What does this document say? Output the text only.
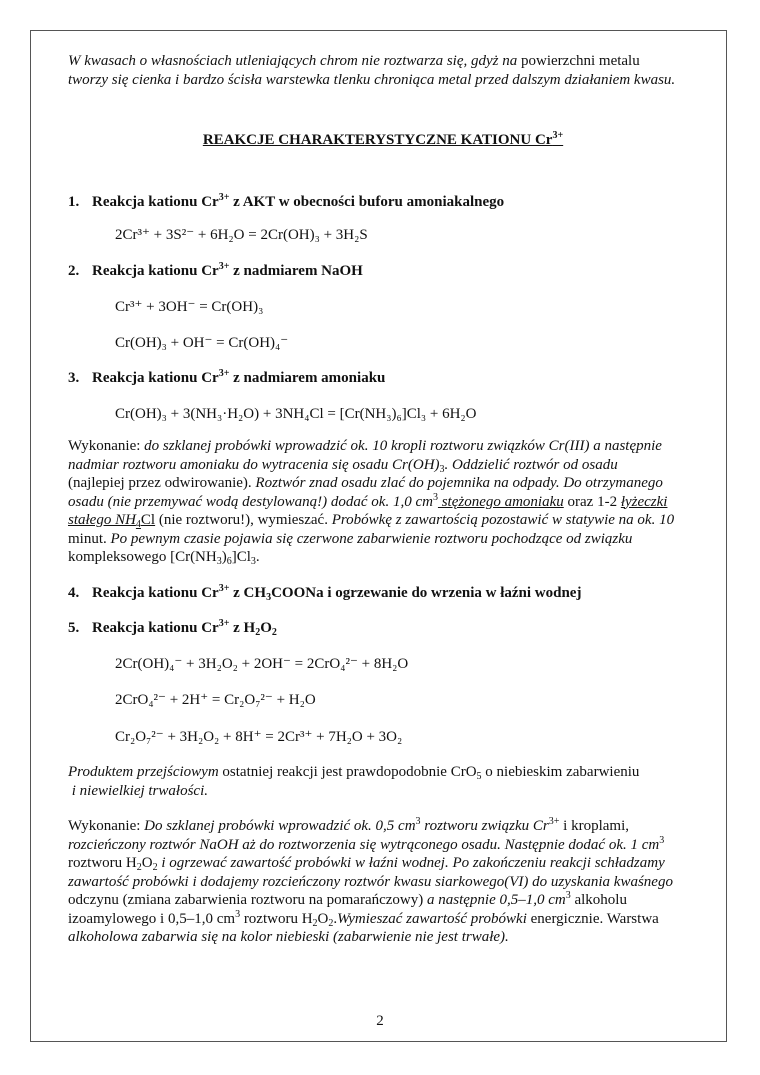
W kwasach o własnościach utleniających chrom nie roztwarza się, gdyż na powierzchni metalu
tworzy się cienka i bardzo ścisła warstewka tlenku chroniąca metal przed dalszym działaniem kwasu.

REAKCJE CHARAKTERYSTYCZNE KATIONU $Cr^{3+}$

1. Reakcja kationu $Cr^{3+}$ z AKT w obecności buforu amoniakalnego

2Cr³⁺ + 3S²⁻ + 6H₂O = 2Cr(OH)₃ + 3H₂S

2. Reakcja kationu $Cr^{3+}$ z nadmiarem NaOH

Cr³⁺ + 3OH⁻ = Cr(OH)₃

Cr(OH)₃ + OH⁻ = Cr(OH)₄⁻

3. Reakcja kationu $Cr^{3+}$ z nadmiarem amoniaku

Cr(OH)₃ + 3(NH₃·H₂O) + 3NH₄Cl = [Cr(NH₃)₆]Cl₃ + 6H₂O

Wykonanie: do szklanej probówki wprowadzić ok. 10 kropli roztworu związków Cr(III) a następnie nadmiar roztworu amoniaku do wytracenia się osadu $Cr(OH)_3$. Oddzielić roztwór od osadu
(najlepiej przez odwirowanie). Roztwór znad osadu zlać do pojemnika na odpady. Do otrzymanego osadu (nie przemywać wodą destylowaną!) dodać ok. 1,0 $cm^3$ stężonego amoniaku oraz 1-2 łyżeczki stałego $NH_4Cl$ (nie roztworu!), wymieszać. Probówkę z zawartością pozostawić w statywie na ok. 10 minut. Po pewnym czasie pojawia się czerwone zabarwienie roztworu pochodzące od związku kompleksowego $[Cr(NH_3)_6]Cl_3$.

4. Reakcja kationu $Cr^{3+}$ z $CH_3COONa$ i ogrzewanie do wrzenia w łaźni wodnej

5. Reakcja kationu $Cr^{3+}$ z $H_2O_2$

2Cr(OH)₄⁻ + 3H₂O₂ + 2OH⁻ = 2CrO₄²⁻ + 8H₂O

2CrO₄²⁻ + 2H⁺ = Cr₂O₇²⁻ + H₂O

Cr₂O₇²⁻ + 3H₂O₂ + 8H⁺ = 2Cr³⁺ + 7H₂O + 3O₂

Produktem przejściowym ostatniej reakcji jest prawdopodobnie CrO$_5$ o niebieskim zabarwieniu
i niewielkiej trwałości.

Wykonanie: Do szklanej probówki wprowadzić ok. 0,5 $cm^3$ roztworu związku $Cr^{3+}$ i kroplami,
rozcieńczony roztwór NaOH aż do roztworzenia się wytrąconego osadu. Następnie dodać ok. 1 $cm^3$
roztworu $H_2O_2$ i ogrzewać zawartość probówki w łaźni wodnej. Po zakończeniu reakcji schładzamy zawartość probówki i dodajemy rozcieńczony roztwór kwasu siarkowego(VI) do uzyskania kwaśnego odczynu (zmiana zabarwienia roztworu na pomarańczowy) a następnie 0,5–1,0 $cm^3$ alkoholu izoamylowego i 0,5–1,0 $cm^3$ roztworu $H_2O_2.Wymieszać$ zawartość probówki energicznie. Warstwa alkoholowa zabarwia się na kolor niebieski (zabarwienie nie jest trwałe).

2
